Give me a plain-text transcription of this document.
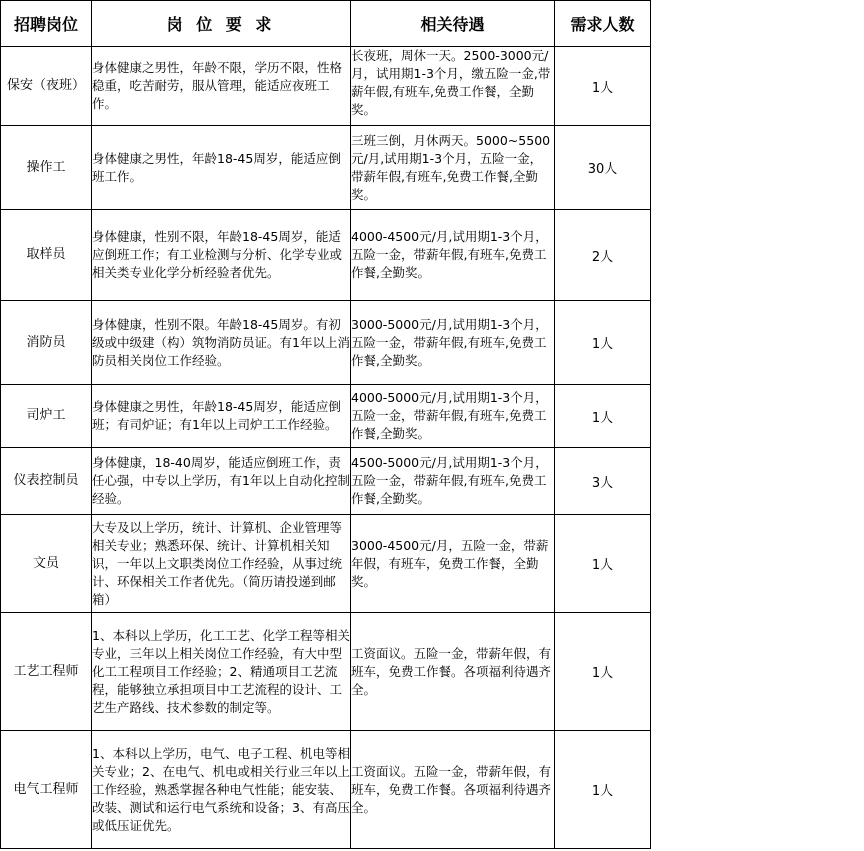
招聘岗位	岗 位 要 求	相关待遇	需求人数
保安（夜班）	身体健康之男性，年龄不限，学历不限，性格稳重，吃苦耐劳，服从管理，能适应夜班工作。	长夜班，周休一天。2500-3000元/月，试用期1-3个月，缴五险一金,带薪年假,有班车,免费工作餐，全勤奖。	1人
操作工	身体健康之男性，年龄18-45周岁，能适应倒班工作。	三班三倒，月休两天。5000~5500元/月,试用期1-3个月，五险一金，带薪年假,有班车,免费工作餐,全勤奖。	30人
取样员	身体健康，性别不限，年龄18-45周岁，能适应倒班工作；有工业检测与分析、化学专业或相关类专业化学分析经验者优先。	4000-4500元/月,试用期1-3个月，五险一金，带薪年假,有班车,免费工作餐,全勤奖。	2人
消防员	身体健康，性别不限。年龄18-45周岁。有初级或中级建（构）筑物消防员证。有1年以上消防员相关岗位工作经验。	3000-5000元/月,试用期1-3个月，五险一金，带薪年假,有班车,免费工作餐,全勤奖。	1人
司炉工	身体健康之男性，年龄18-45周岁，能适应倒班；有司炉证；有1年以上司炉工工作经验。	4000-5000元/月,试用期1-3个月，五险一金，带薪年假,有班车,免费工作餐,全勤奖。	1人
仪表控制员	身体健康，18-40周岁，能适应倒班工作，责任心强，中专以上学历，有1年以上自动化控制经验。	4500-5000元/月,试用期1-3个月，五险一金，带薪年假,有班车,免费工作餐,全勤奖。	3人
文员	大专及以上学历，统计、计算机、企业管理等相关专业；熟悉环保、统计、计算机相关知识，一年以上文职类岗位工作经验，从事过统计、环保相关工作者优先。（简历请投递到邮箱）	3000-4500元/月，五险一金，带薪年假，有班车，免费工作餐，全勤奖。	1人
工艺工程师	1、本科以上学历，化工工艺、化学工程等相关专业，三年以上相关岗位工作经验，有大中型化工工程项目工作经验；2、精通项目工艺流程，能够独立承担项目中工艺流程的设计、工艺生产路线、技术参数的制定等。	工资面议。五险一金，带薪年假，有班车，免费工作餐。各项福利待遇齐全。	1人
电气工程师	1、本科以上学历，电气、电子工程、机电等相关专业；2、在电气、机电或相关行业三年以上工作经验，熟悉掌握各种电气性能；能安装、改装、测试和运行电气系统和设备；3、有高压或低压证优先。	工资面议。五险一金，带薪年假，有班车，免费工作餐。各项福利待遇齐全。	1人
